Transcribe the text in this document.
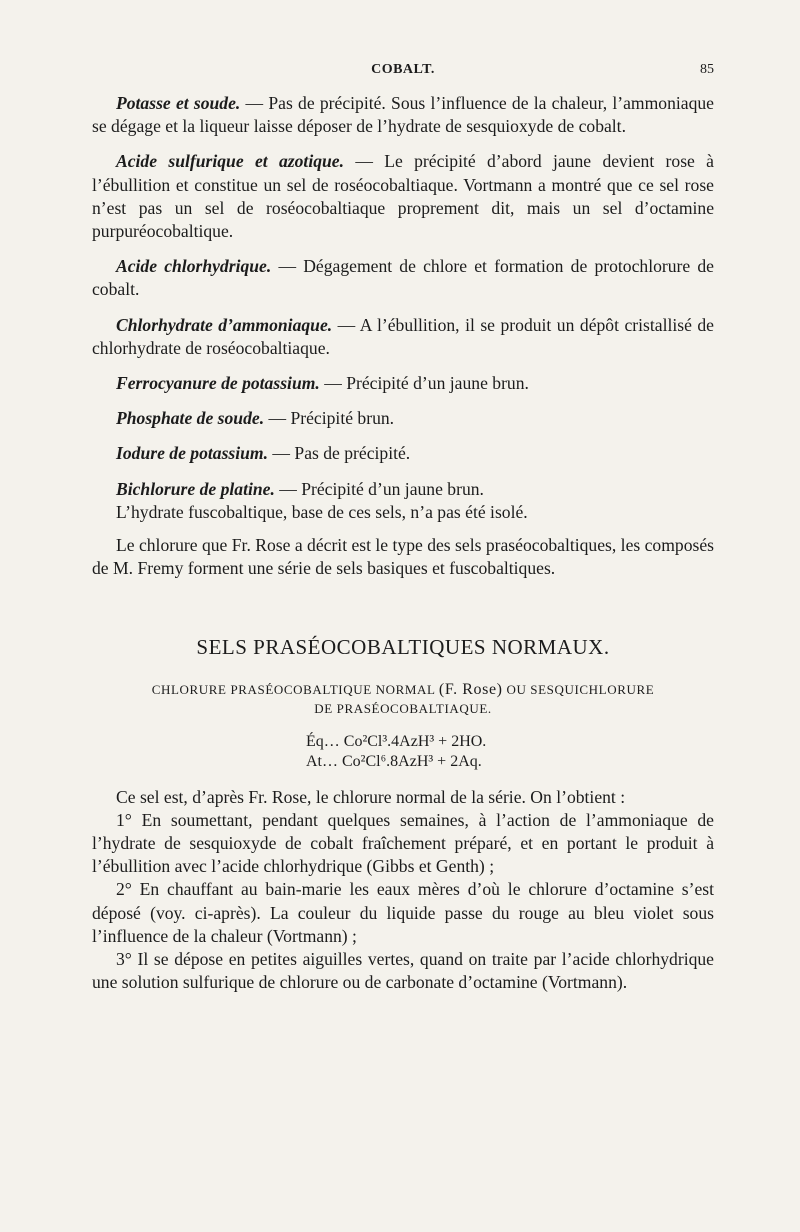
COBALT.	85

Potasse et soude. — Pas de précipité. Sous l’influence de la chaleur, l’ammoniaque se dégage et la liqueur laisse déposer de l’hydrate de sesquioxyde de cobalt.

Acide sulfurique et azotique. — Le précipité d’abord jaune devient rose à l’ébullition et constitue un sel de roséocobaltiaque. Vortmann a montré que ce sel rose n’est pas un sel de roséocobaltiaque proprement dit, mais un sel d’octamine purpuréocobaltique.

Acide chlorhydrique. — Dégagement de chlore et formation de protochlorure de cobalt.

Chlorhydrate d’ammoniaque. — A l’ébullition, il se produit un dépôt cristallisé de chlorhydrate de roséocobaltiaque.

Ferrocyanure de potassium. — Précipité d’un jaune brun.

Phosphate de soude. — Précipité brun.

Iodure de potassium. — Pas de précipité.

Bichlorure de platine. — Précipité d’un jaune brun.

L’hydrate fuscobaltique, base de ces sels, n’a pas été isolé.

Le chlorure que Fr. Rose a décrit est le type des sels praséocobaltiques, les composés de M. Fremy forment une série de sels basiques et fuscobaltiques.

SELS PRASÉOCOBALTIQUES NORMAUX.

CHLORURE PRASÉOCOBALTIQUE NORMAL (F. Rose) OU SESQUICHLORURE
DE PRASÉOCOBALTIAQUE.

Éq… Co²Cl³.4AzH³ + 2HO.
At… Co²Cl⁶.8AzH³ + 2Aq.

Ce sel est, d’après Fr. Rose, le chlorure normal de la série. On l’obtient :

1° En soumettant, pendant quelques semaines, à l’action de l’ammoniaque de l’hydrate de sesquioxyde de cobalt fraîchement préparé, et en portant le produit à l’ébullition avec l’acide chlorhydrique (Gibbs et Genth) ;

2° En chauffant au bain-marie les eaux mères d’où le chlorure d’octamine s’est déposé (voy. ci-après). La couleur du liquide passe du rouge au bleu violet sous l’influence de la chaleur (Vortmann) ;

3° Il se dépose en petites aiguilles vertes, quand on traite par l’acide chlorhydrique une solution sulfurique de chlorure ou de carbonate d’octamine (Vortmann).
